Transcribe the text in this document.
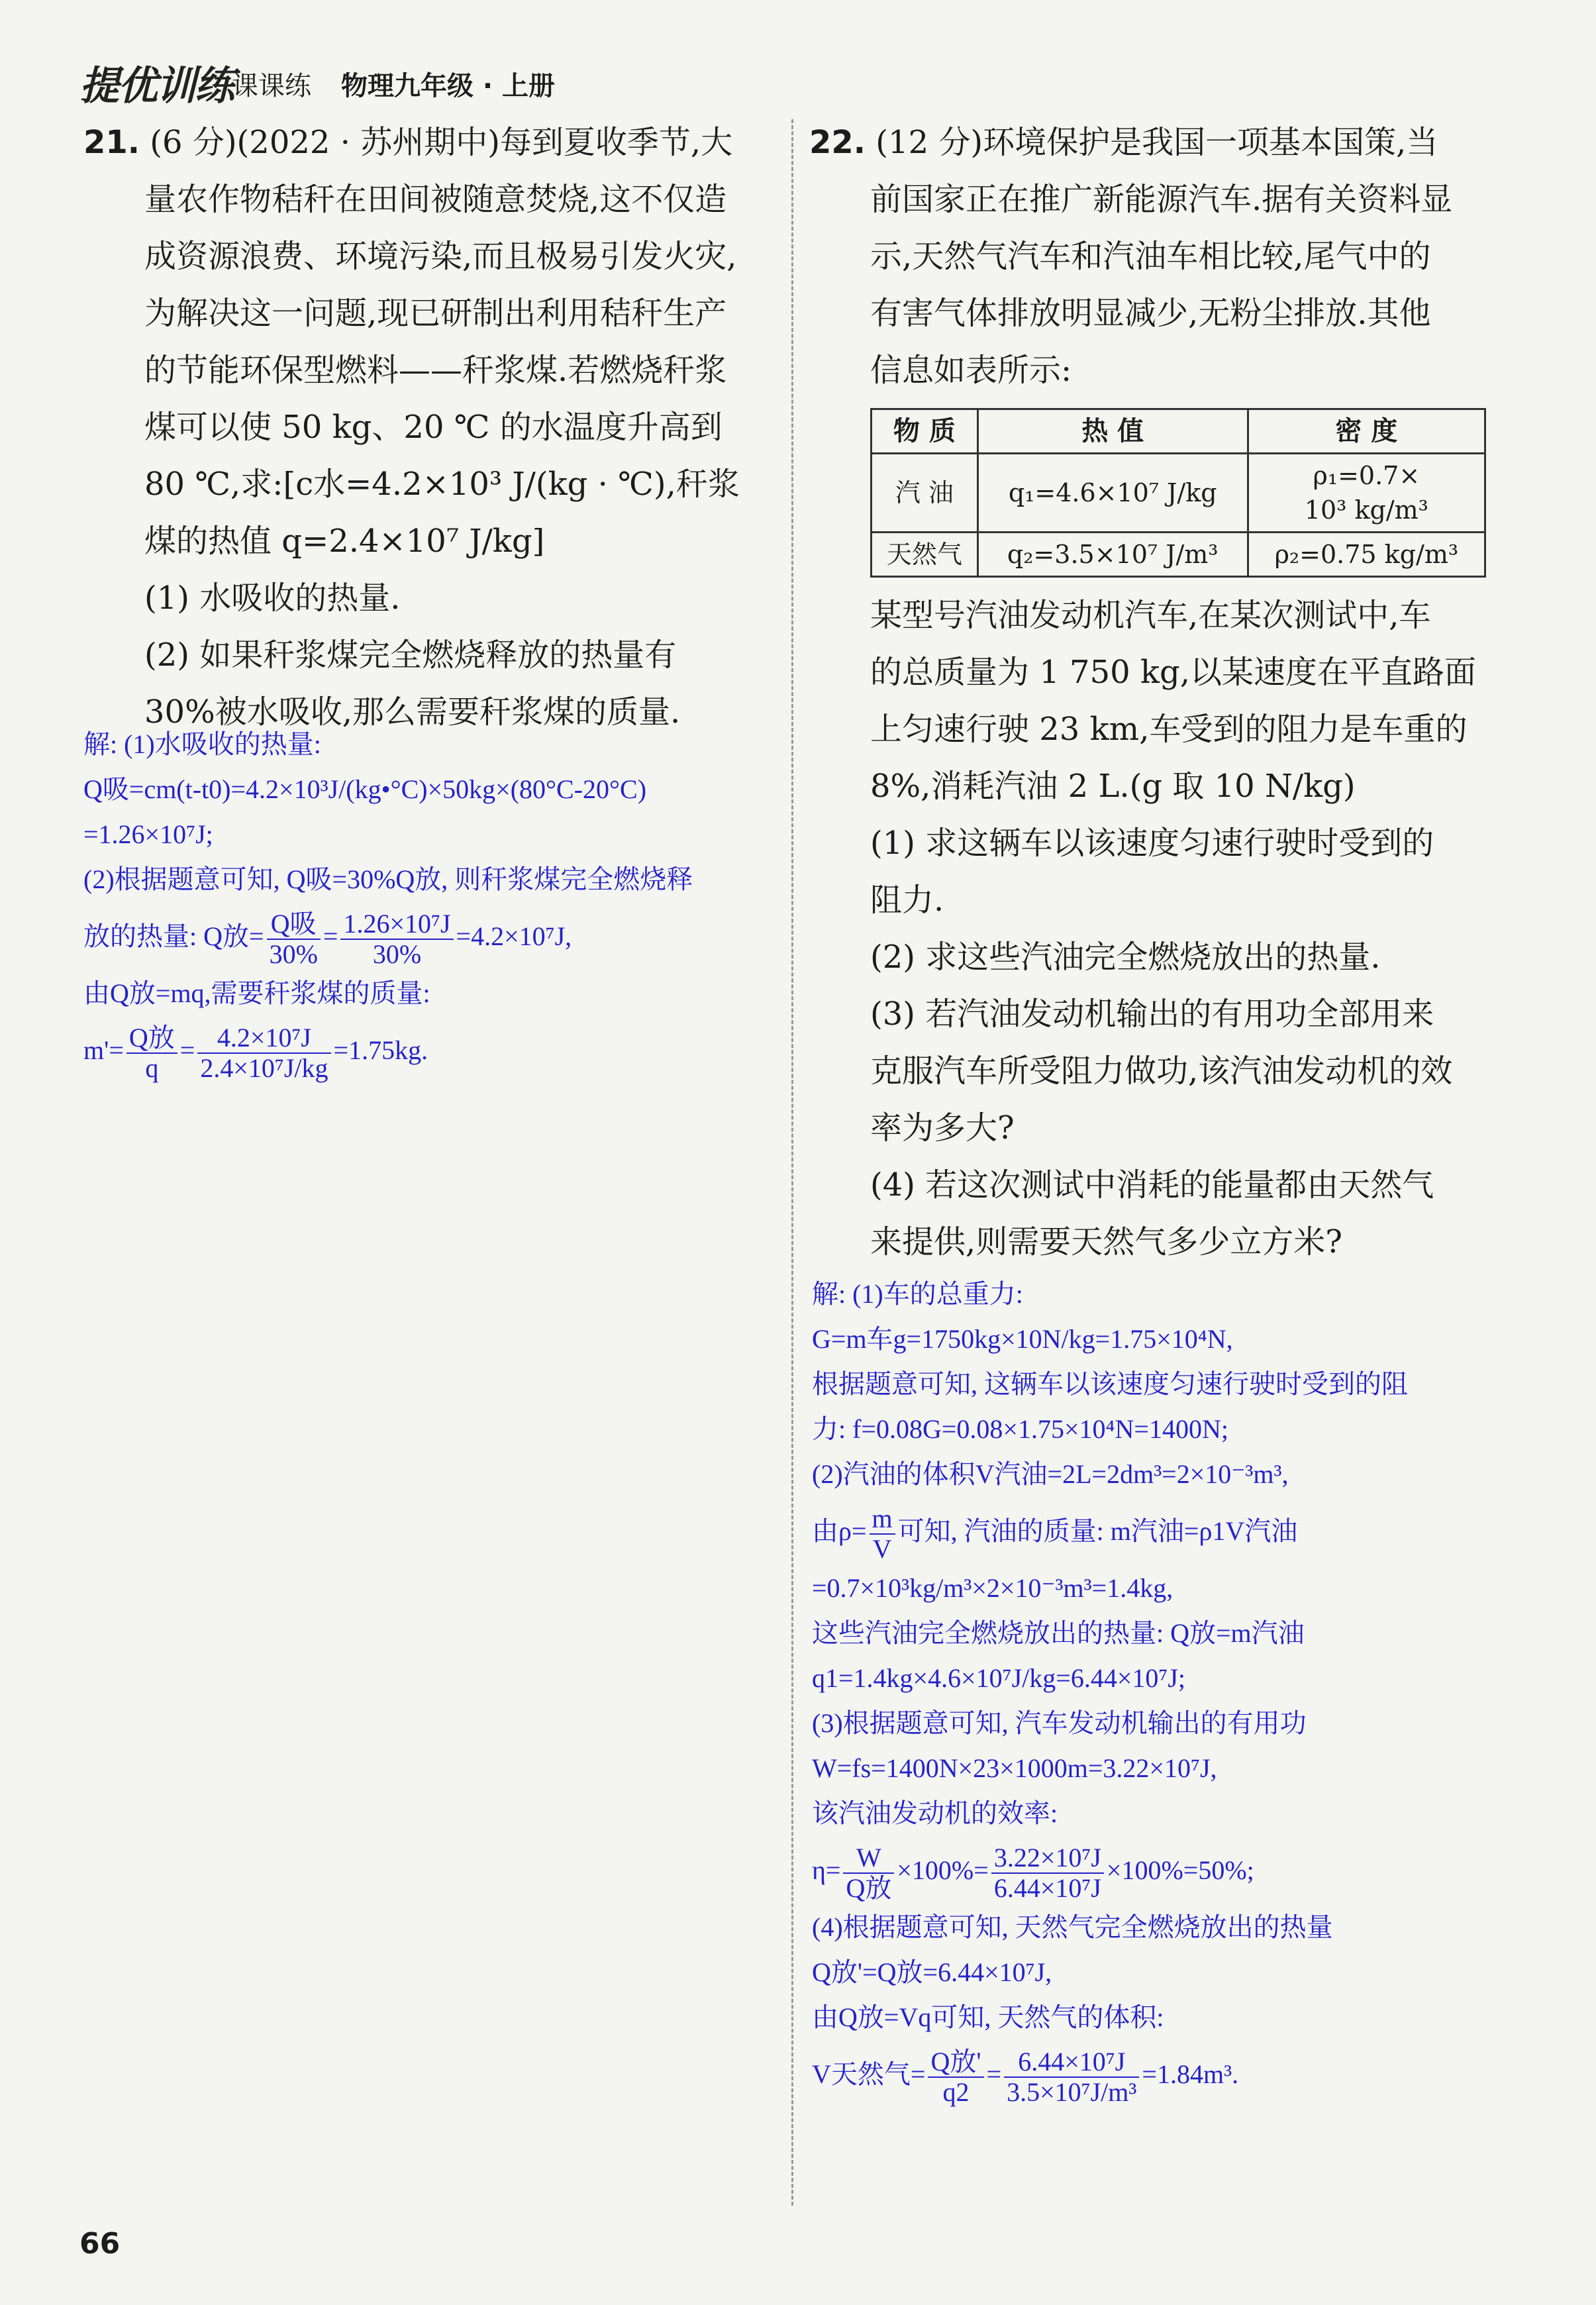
提优训练
课课练 物理九年级 · 上册

21. (6 分)(2022 · 苏州期中)每到夏收季节,大

量农作物秸秆在田间被随意焚烧,这不仅造

成资源浪费、环境污染,而且极易引发火灾,

为解决这一问题,现已研制出利用秸秆生产

的节能环保型燃料——秆浆煤.若燃烧秆浆

煤可以使 50 kg、20 ℃ 的水温度升高到

80 ℃,求:[c水=4.2×10³ J/(kg · ℃),秆浆

煤的热值 q=2.4×10⁷ J/kg]

(1) 水吸收的热量.

(2) 如果秆浆煤完全燃烧释放的热量有

30%被水吸收,那么需要秆浆煤的质量.

解: (1)水吸收的热量:

Q吸=cm(t-t0)=4.2×10³J/(kg•°C)×50kg×(80°C-20°C)

=1.26×10⁷J;

(2)根据题意可知, Q吸=30%Q放, 则秆浆煤完全燃烧释

放的热量: Q放= $\frac{\text{Q吸}}{30\%} = \frac{\text{1.26×10⁷J}}{30\%} =4.2\times 10^7J$,

由Q放=mq,需要秆浆煤的质量:

$m'= \frac{\text{Q放}}{q} = \frac{\text{4.2×10⁷J}}{\text{2.4×10⁷J/kg}} =1.75kg$.

22. (12 分)环境保护是我国一项基本国策,当

前国家正在推广新能源汽车.据有关资料显

示,天然气汽车和汽油车相比较,尾气中的

有害气体排放明显减少,无粉尘排放.其他

信息如表所示:

物 质	热 值	密 度
汽 油	q₁=4.6×10⁷ J/kg	ρ₁=0.7×
10³ kg/m³
天然气	q₂=3.5×10⁷ J/m³	ρ₂=0.75 kg/m³

某型号汽油发动机汽车,在某次测试中,车

的总质量为 1 750 kg,以某速度在平直路面

上匀速行驶 23 km,车受到的阻力是车重的

8%,消耗汽油 2 L.(g 取 10 N/kg)

(1) 求这辆车以该速度匀速行驶时受到的

阻力.

(2) 求这些汽油完全燃烧放出的热量.

(3) 若汽油发动机输出的有用功全部用来

克服汽车所受阻力做功,该汽油发动机的效

率为多大?

(4) 若这次测试中消耗的能量都由天然气

来提供,则需要天然气多少立方米?

解: (1)车的总重力:

G=m车g=1750kg×10N/kg=1.75×10⁴N,

根据题意可知, 这辆车以该速度匀速行驶时受到的阻

力: f=0.08G=0.08×1.75×10⁴N=1400N;

(2)汽油的体积V汽油=2L=2dm³=2×10⁻³m³,

由$\rho= \frac{m}{V}$ 可知, 汽油的质量: m汽油=ρ1V汽油

=0.7×10³kg/m³×2×10⁻³m³=1.4kg,

这些汽油完全燃烧放出的热量: Q放=m汽油

q1=1.4kg×4.6×10⁷J/kg=6.44×10⁷J;

(3)根据题意可知, 汽车发动机输出的有用功

W=fs=1400N×23×1000m=3.22×10⁷J,

该汽油发动机的效率:

$\eta= \frac{W}{\text{Q放}} \times 100\%= \frac{\text{3.22×10⁷J}}{\text{6.44×10⁷J}} \times 100\%=50\%$;

(4)根据题意可知, 天然气完全燃烧放出的热量

Q放'=Q放=6.44×10⁷J,

由Q放=Vq可知, 天然气的体积:

V天然气= $\frac{\text{Q放'}}{q2} = \frac{\text{6.44×10⁷J}}{\text{3.5×10⁷J/m³}} =1.84m^3$.

66
